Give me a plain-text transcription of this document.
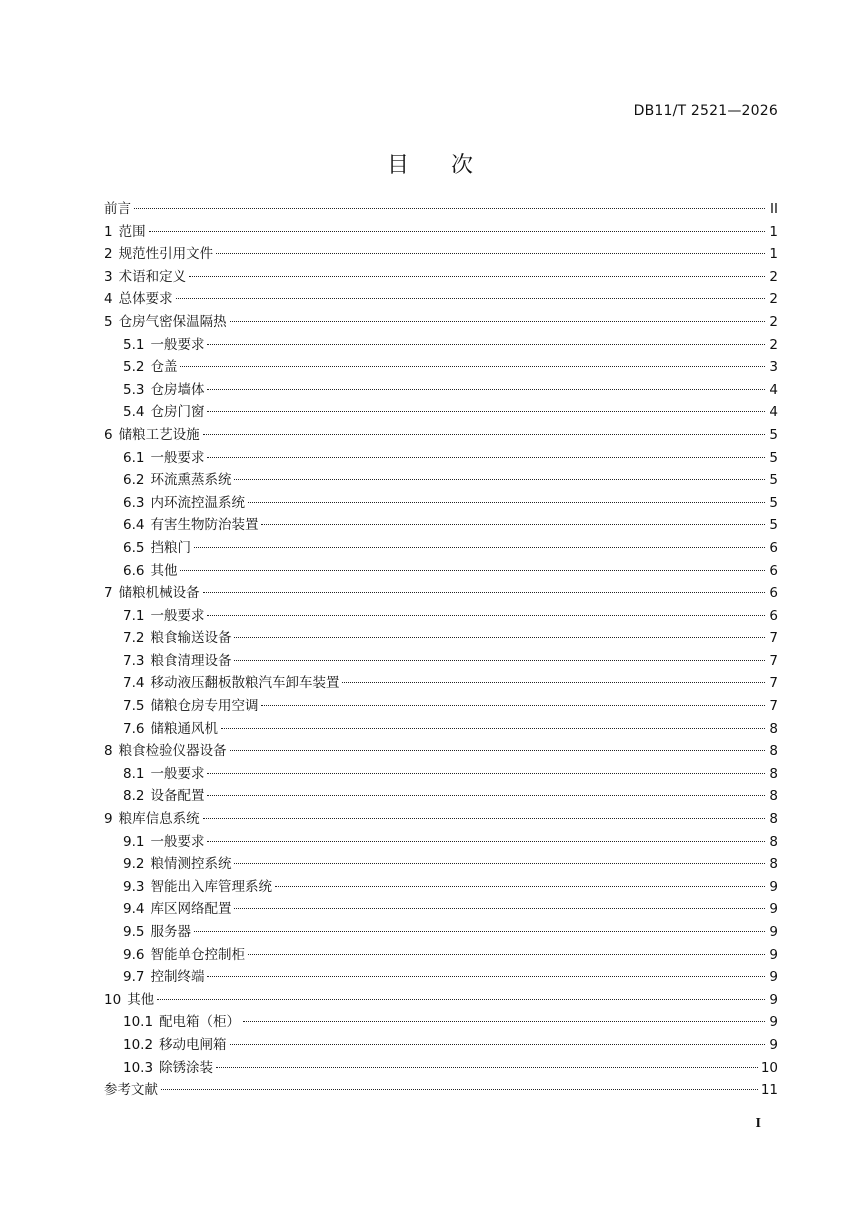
DB11/T 2521—2026
目次
前言	II
1 范围	1
2 规范性引用文件	1
3 术语和定义	2
4 总体要求	2
5 仓房气密保温隔热	2
5.1 一般要求	2
5.2 仓盖	3
5.3 仓房墙体	4
5.4 仓房门窗	4
6 储粮工艺设施	5
6.1 一般要求	5
6.2 环流熏蒸系统	5
6.3 内环流控温系统	5
6.4 有害生物防治装置	5
6.5 挡粮门	6
6.6 其他	6
7 储粮机械设备	6
7.1 一般要求	6
7.2 粮食输送设备	7
7.3 粮食清理设备	7
7.4 移动液压翻板散粮汽车卸车装置	7
7.5 储粮仓房专用空调	7
7.6 储粮通风机	8
8 粮食检验仪器设备	8
8.1 一般要求	8
8.2 设备配置	8
9 粮库信息系统	8
9.1 一般要求	8
9.2 粮情测控系统	8
9.3 智能出入库管理系统	9
9.4 库区网络配置	9
9.5 服务器	9
9.6 智能单仓控制柜	9
9.7 控制终端	9
10 其他	9
10.1 配电箱（柜）	9
10.2 移动电闸箱	9
10.3 除锈涂装	10
参考文献	11
I
